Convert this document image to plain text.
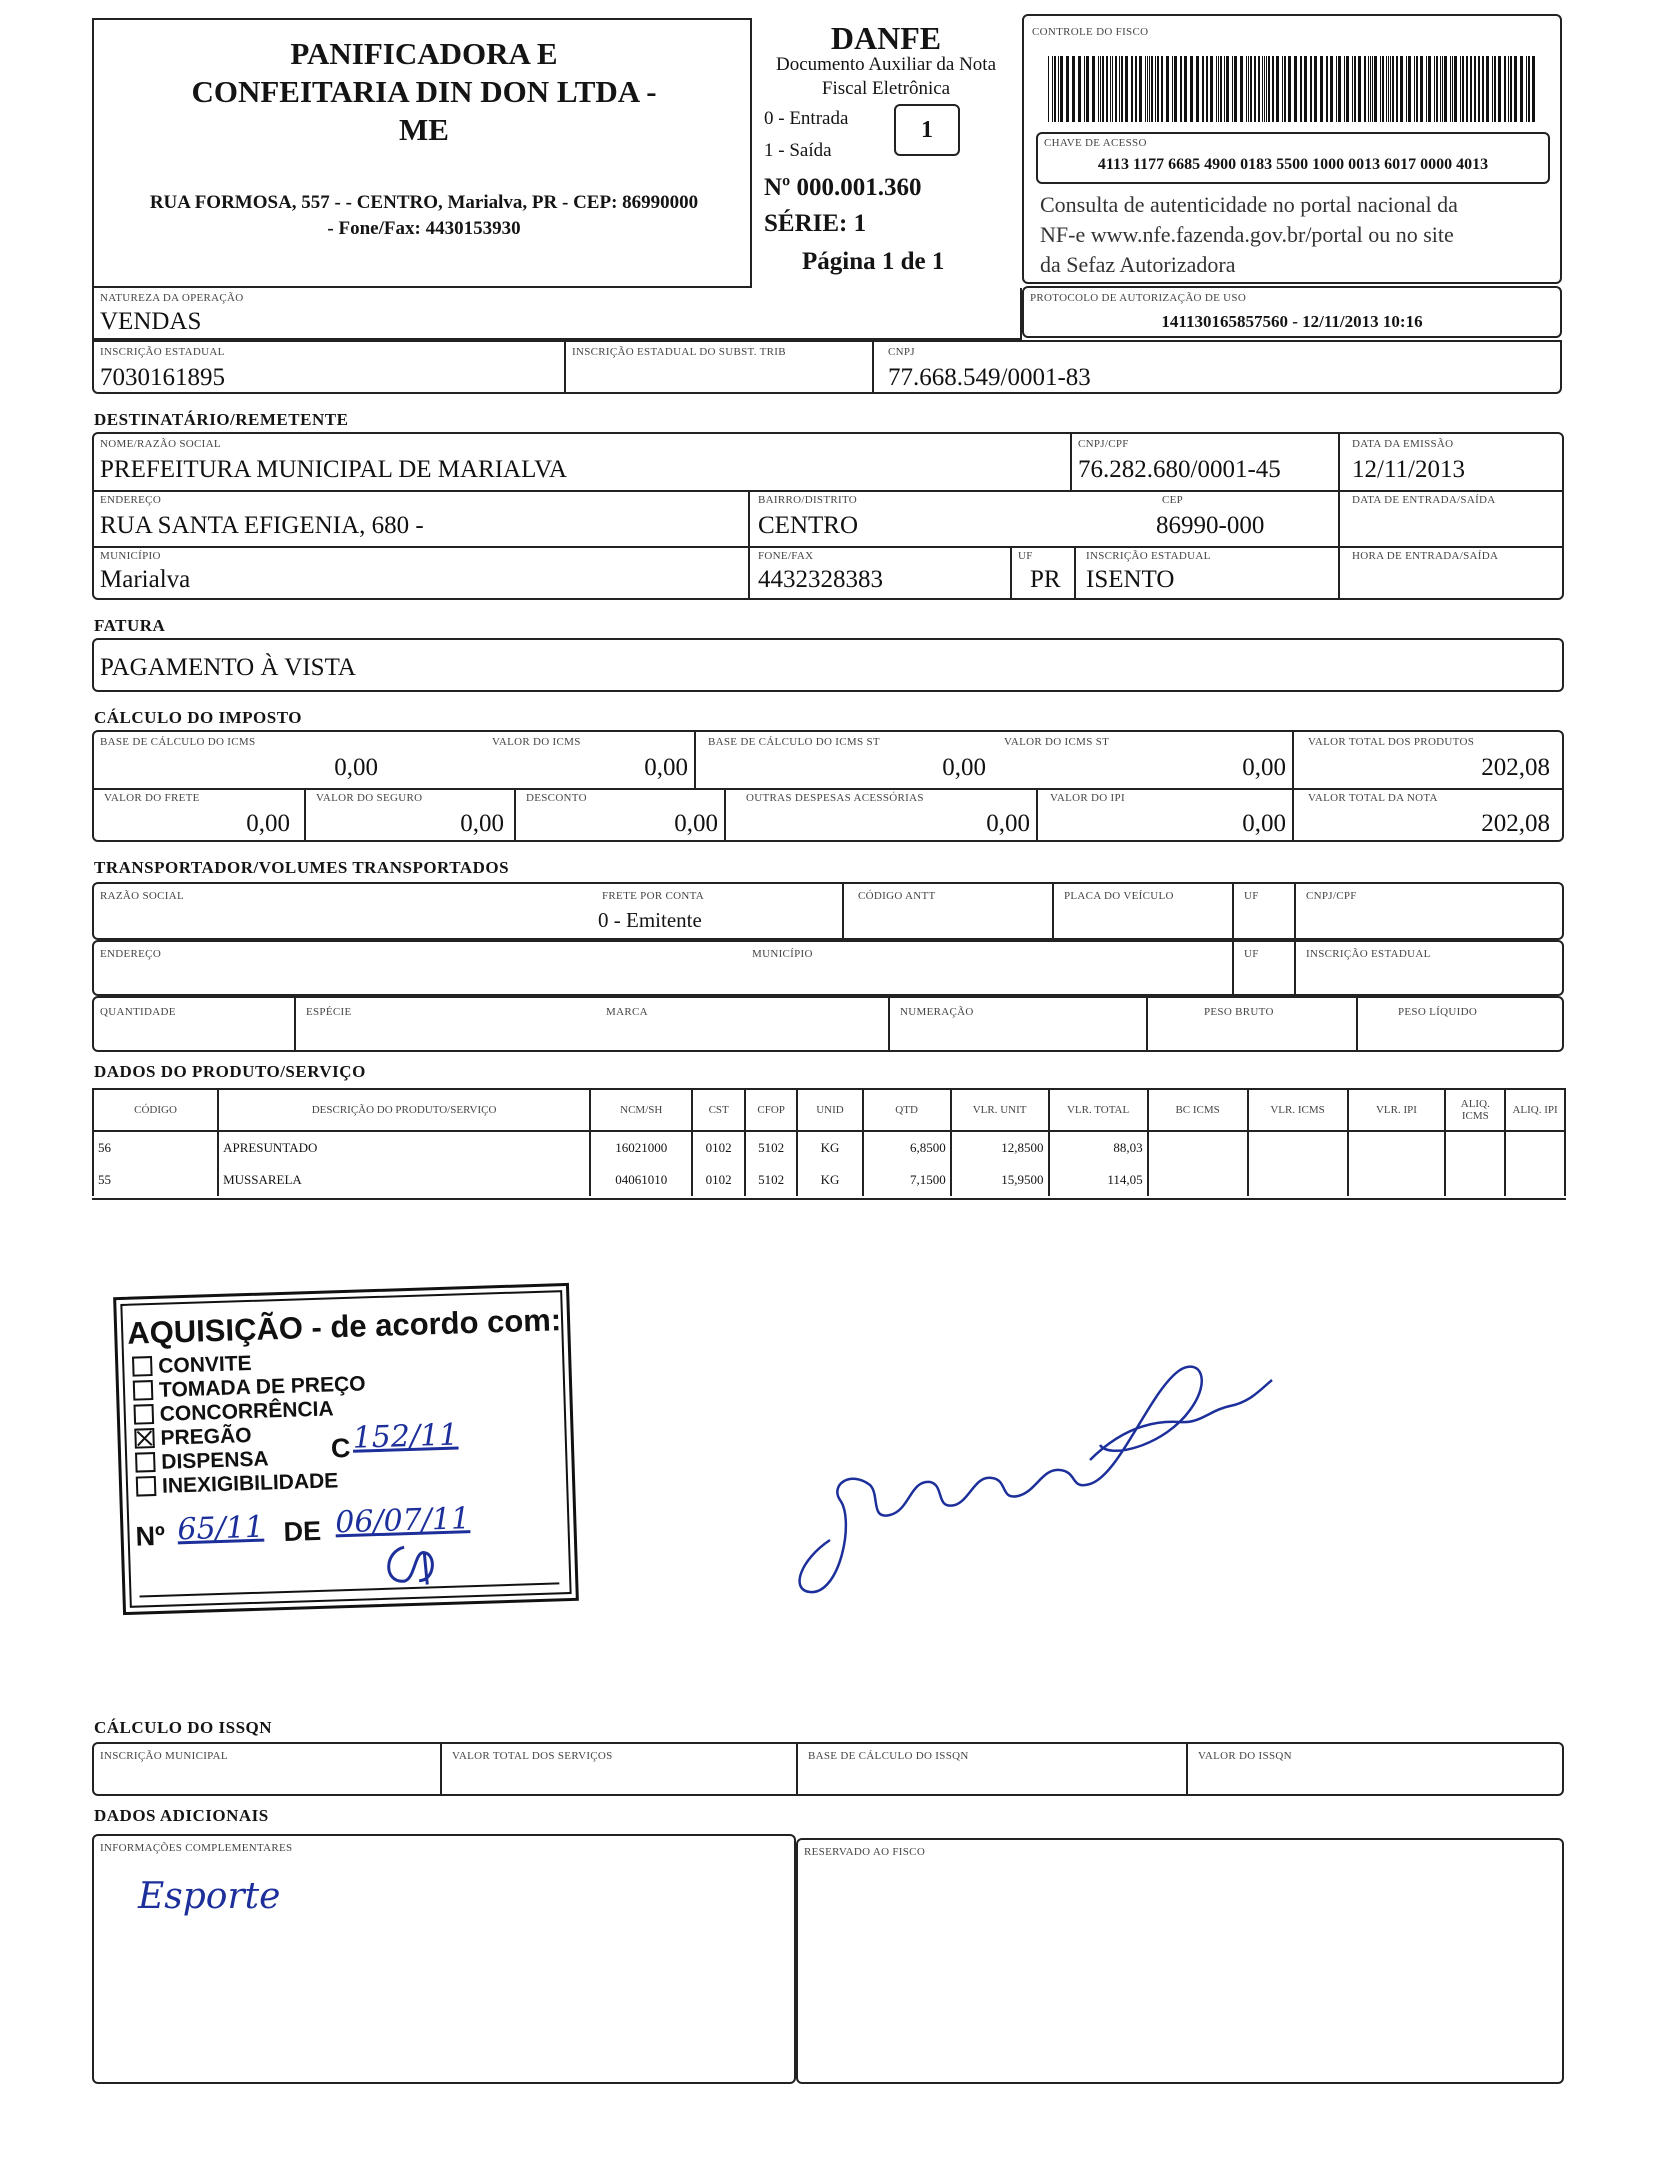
PANIFICADORA E
CONFEITARIA DIN DON LTDA -
ME
RUA FORMOSA, 557 - - CENTRO, Marialva, PR - CEP: 86990000
- Fone/Fax: 4430153930
DANFE
Documento Auxiliar da Nota
Fiscal Eletrônica
0 - Entrada
1 - Saída
1
Nº 000.001.360
SÉRIE: 1
Página 1 de 1
CONTROLE DO FISCO
CHAVE DE ACESSO
4113 1177 6685 4900 0183 5500 1000 0013 6017 0000 4013
Consulta de autenticidade no portal nacional da
NF-e www.nfe.fazenda.gov.br/portal ou no site
da Sefaz Autorizadora
NATUREZA DA OPERAÇÃO
VENDAS
PROTOCOLO DE AUTORIZAÇÃO DE USO
141130165857560 - 12/11/2013 10:16
INSCRIÇÃO ESTADUAL
7030161895
INSCRIÇÃO ESTADUAL DO SUBST. TRIB	CNPJ
77.668.549/0001-83
DESTINATÁRIO/REMETENTE
NOME/RAZÃO SOCIAL
PREFEITURA MUNICIPAL DE MARIALVA
CNPJ/CPF
76.282.680/0001-45
DATA DA EMISSÃO
12/11/2013
ENDEREÇO
RUA SANTA EFIGENIA, 680 -
BAIRRO/DISTRITO
CENTRO
CEP
86990-000
DATA DE ENTRADA/SAÍDA
MUNICÍPIO
Marialva
FONE/FAX
4432328383
UF
PR
INSCRIÇÃO ESTADUAL
ISENTO
HORA DE ENTRADA/SAÍDA
FATURA
PAGAMENTO À VISTA
CÁLCULO DO IMPOSTO
BASE DE CÁLCULO DO ICMS
0,00
VALOR DO ICMS
0,00
BASE DE CÁLCULO DO ICMS ST
0,00
VALOR DO ICMS ST
0,00
VALOR TOTAL DOS PRODUTOS
202,08
VALOR DO FRETE
0,00
VALOR DO SEGURO
0,00
DESCONTO
0,00
OUTRAS DESPESAS ACESSÓRIAS
0,00
VALOR DO IPI
0,00
VALOR TOTAL DA NOTA
202,08
TRANSPORTADOR/VOLUMES TRANSPORTADOS
RAZÃO SOCIAL	FRETE POR CONTA
0 - Emitente
CÓDIGO ANTT	PLACA DO VEÍCULO	UF	CNPJ/CPF
ENDEREÇO	MUNICÍPIO	UF	INSCRIÇÃO ESTADUAL
QUANTIDADE	ESPÉCIE	MARCA	NUMERAÇÃO	PESO BRUTO	PESO LÍQUIDO
DADOS DO PRODUTO/SERVIÇO
CÓDIGO	DESCRIÇÃO DO PRODUTO/SERVIÇO	NCM/SH	CST	CFOP	UNID	QTD	VLR. UNIT	VLR. TOTAL	BC ICMS	VLR. ICMS	VLR. IPI	ALIQ. ICMS	ALIQ. IPI
56	APRESUNTADO	16021000	0102	5102	KG	6,8500	12,8500	88,03					
55	MUSSARELA	04061010	0102	5102	KG	7,1500	15,9500	114,05					
AQUISIÇÃO - de acordo com:
CONVITE
TOMADA DE PREÇO
CONCORRÊNCIA
PREGÃO
DISPENSA
INEXIGIBILIDADE
C 152/11
Nº 65/11 DE 06/07/11
CÁLCULO DO ISSQN
INSCRIÇÃO MUNICIPAL	VALOR TOTAL DOS SERVIÇOS	BASE DE CÁLCULO DO ISSQN	VALOR DO ISSQN
DADOS ADICIONAIS
INFORMAÇÕES COMPLEMENTARES
Esporte
RESERVADO AO FISCO
